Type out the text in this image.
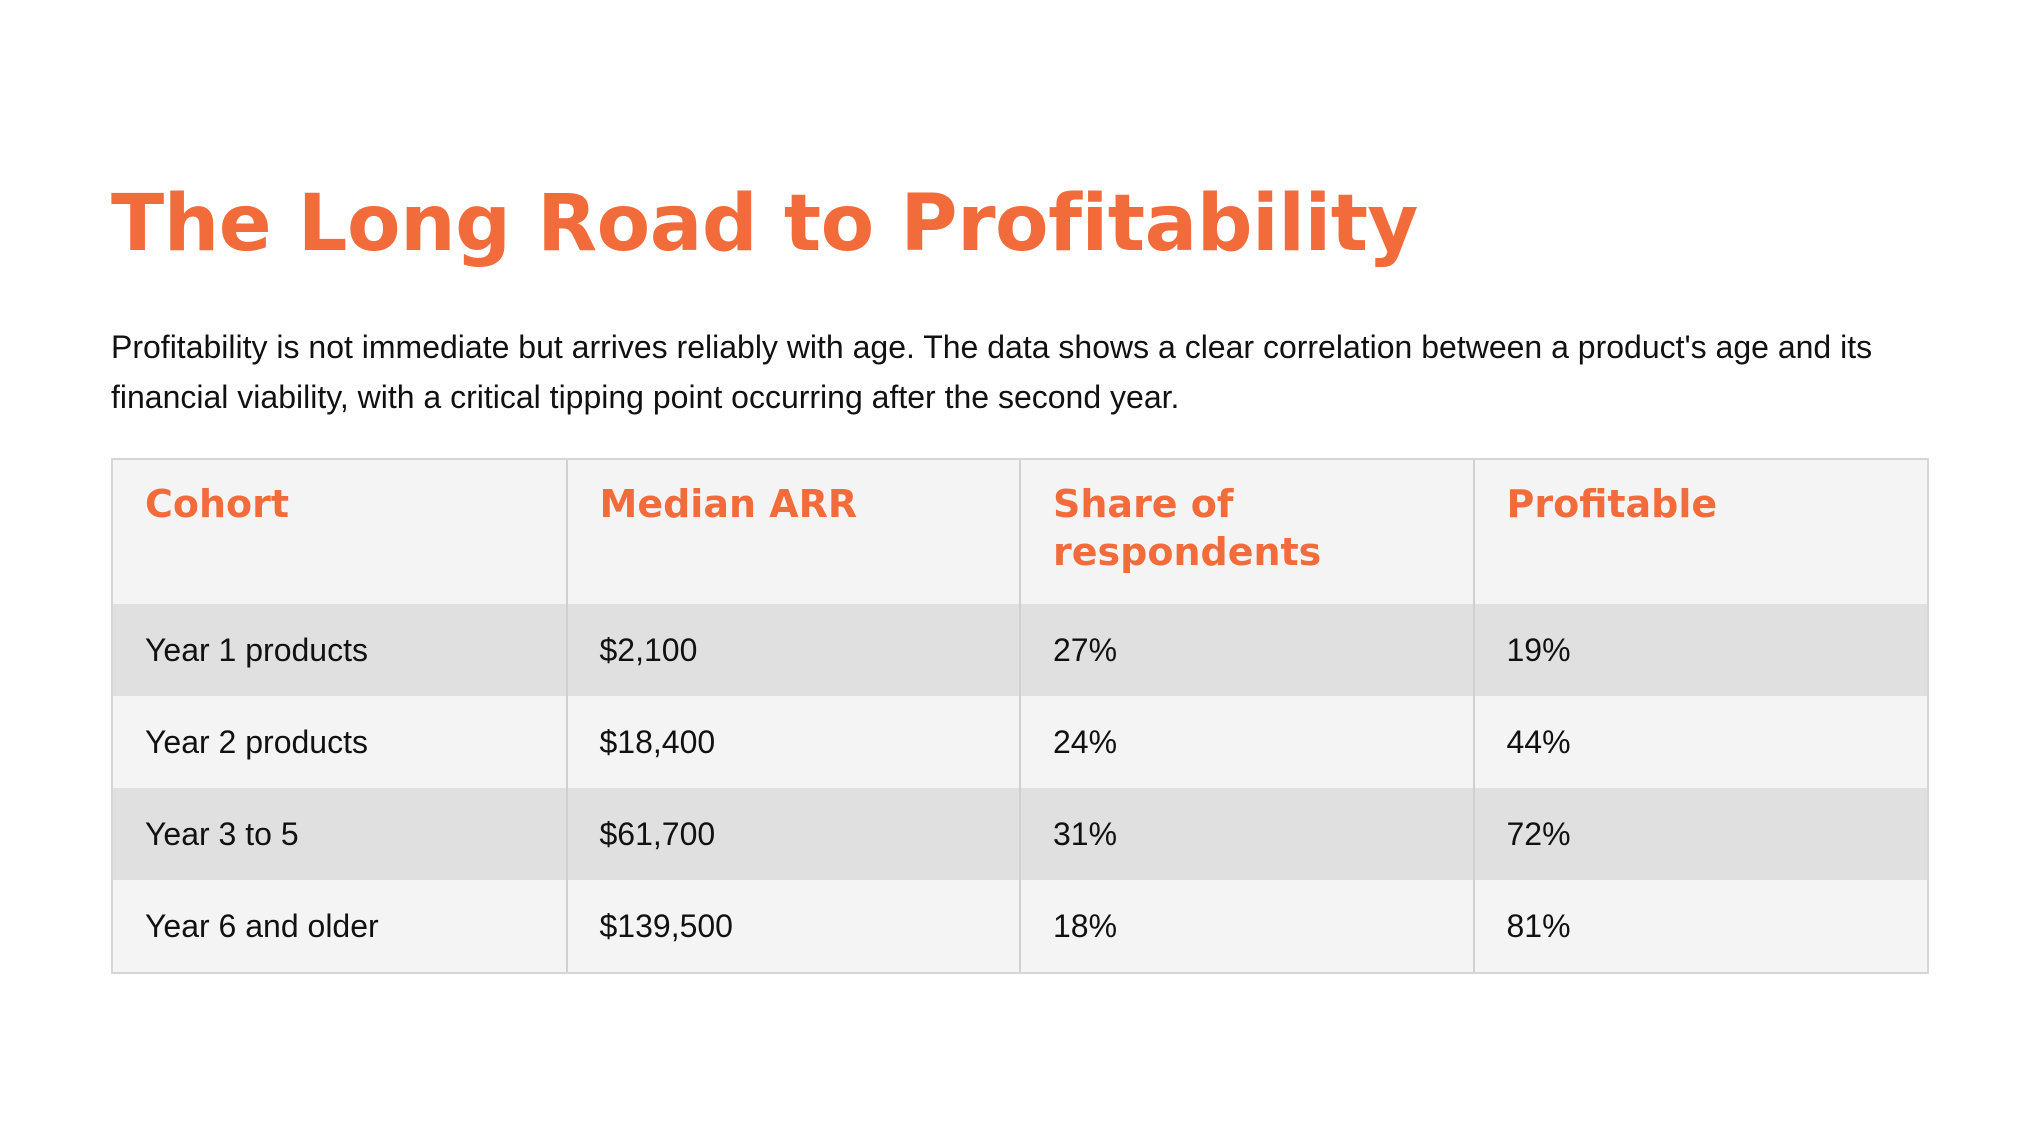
The Long Road to Profitability

Profitability is not immediate but arrives reliably with age. The data shows a clear correlation between a product's age and its financial viability, with a critical tipping point occurring after the second year.

Cohort	Median ARR	Share of respondents	Profitable
Year 1 products	$2,100	27%	19%
Year 2 products	$18,400	24%	44%
Year 3 to 5	$61,700	31%	72%
Year 6 and older	$139,500	18%	81%
